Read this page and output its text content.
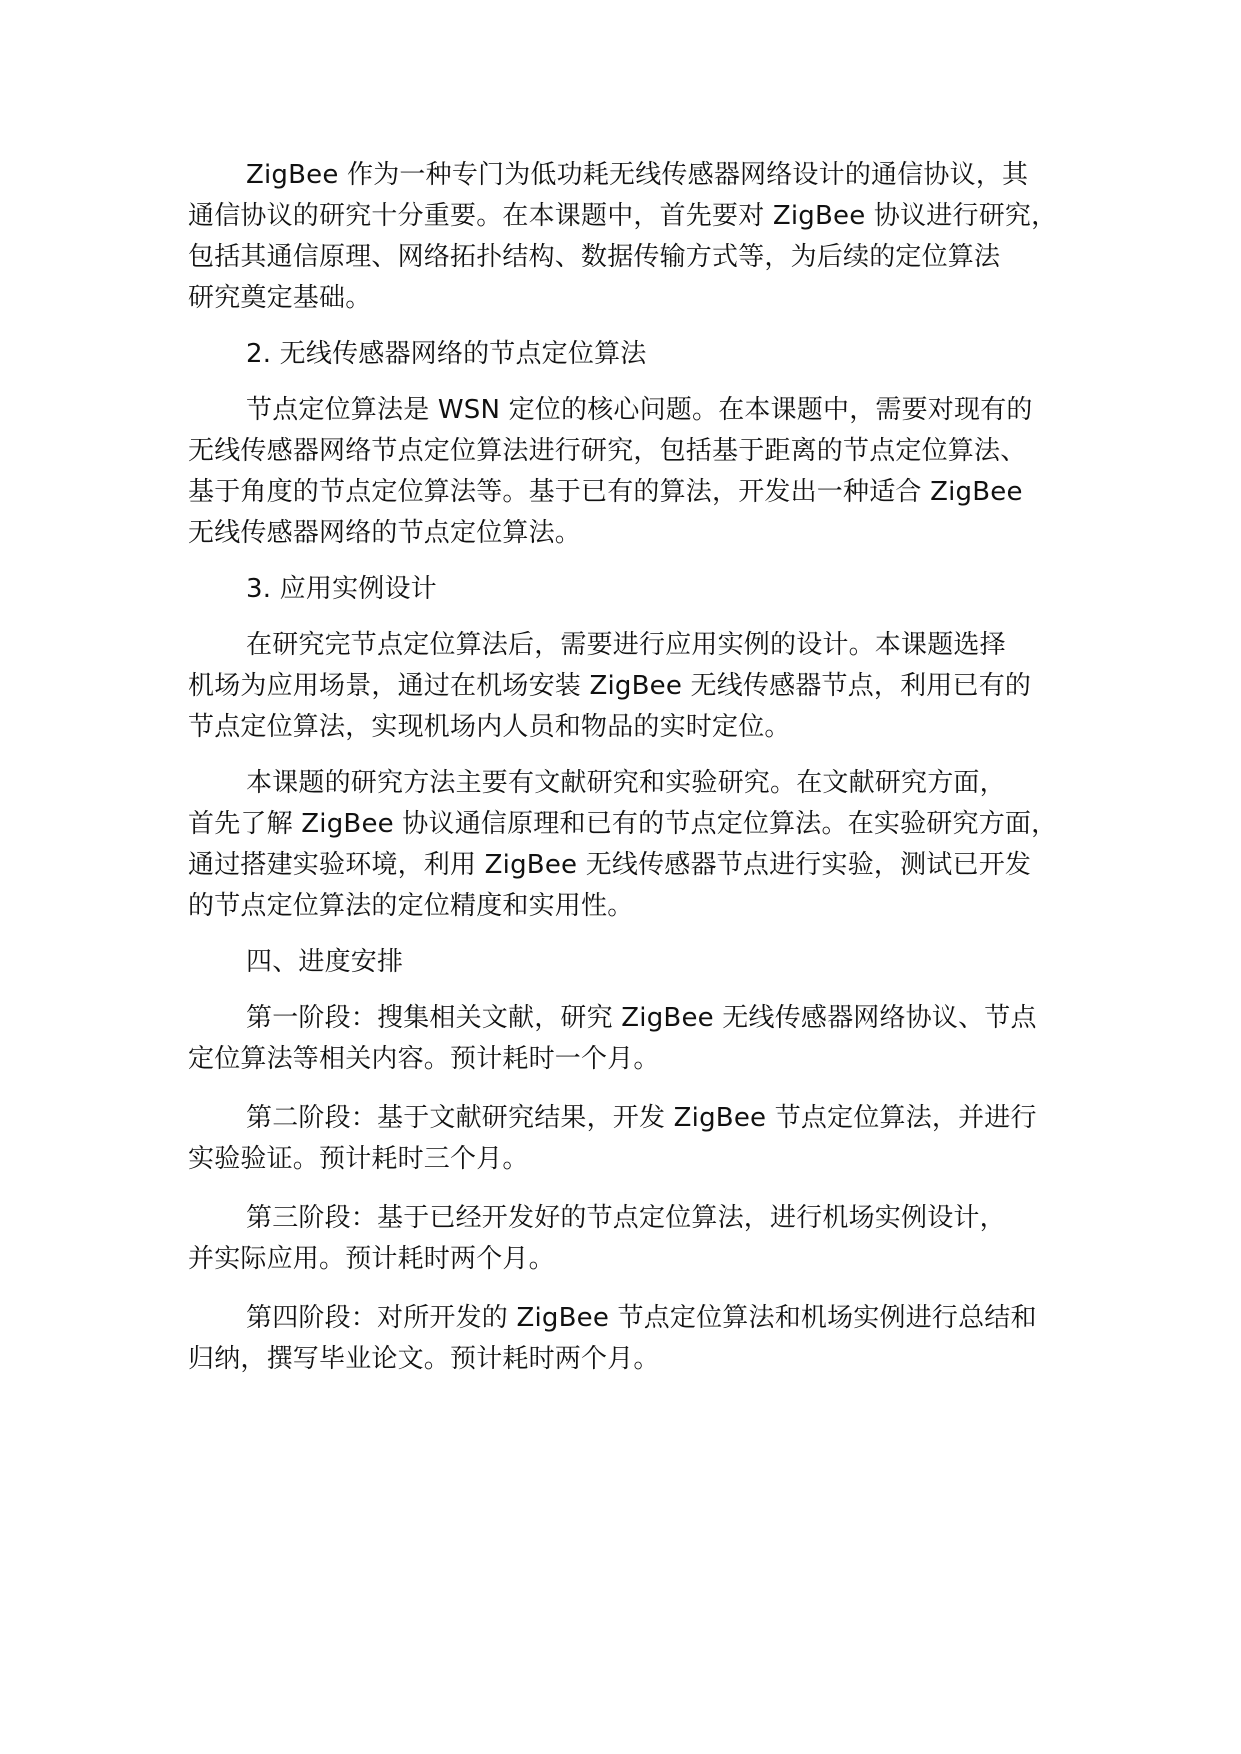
ZigBee 作为一种专门为低功耗无线传感器网络设计的通信协议，其
通信协议的研究十分重要。在本课题中，首先要对 ZigBee 协议进行研究，
包括其通信原理、网络拓扑结构、数据传输方式等，为后续的定位算法
研究奠定基础。
2. 无线传感器网络的节点定位算法
节点定位算法是 WSN 定位的核心问题。在本课题中，需要对现有的
无线传感器网络节点定位算法进行研究，包括基于距离的节点定位算法、
基于角度的节点定位算法等。基于已有的算法，开发出一种适合 ZigBee
无线传感器网络的节点定位算法。
3. 应用实例设计
在研究完节点定位算法后，需要进行应用实例的设计。本课题选择
机场为应用场景，通过在机场安装 ZigBee 无线传感器节点，利用已有的
节点定位算法，实现机场内人员和物品的实时定位。
本课题的研究方法主要有文献研究和实验研究。在文献研究方面，
首先了解 ZigBee 协议通信原理和已有的节点定位算法。在实验研究方面，
通过搭建实验环境，利用 ZigBee 无线传感器节点进行实验，测试已开发
的节点定位算法的定位精度和实用性。
四、进度安排
第一阶段：搜集相关文献，研究 ZigBee 无线传感器网络协议、节点
定位算法等相关内容。预计耗时一个月。
第二阶段：基于文献研究结果，开发 ZigBee 节点定位算法，并进行
实验验证。预计耗时三个月。
第三阶段：基于已经开发好的节点定位算法，进行机场实例设计，
并实际应用。预计耗时两个月。
第四阶段：对所开发的 ZigBee 节点定位算法和机场实例进行总结和
归纳，撰写毕业论文。预计耗时两个月。
